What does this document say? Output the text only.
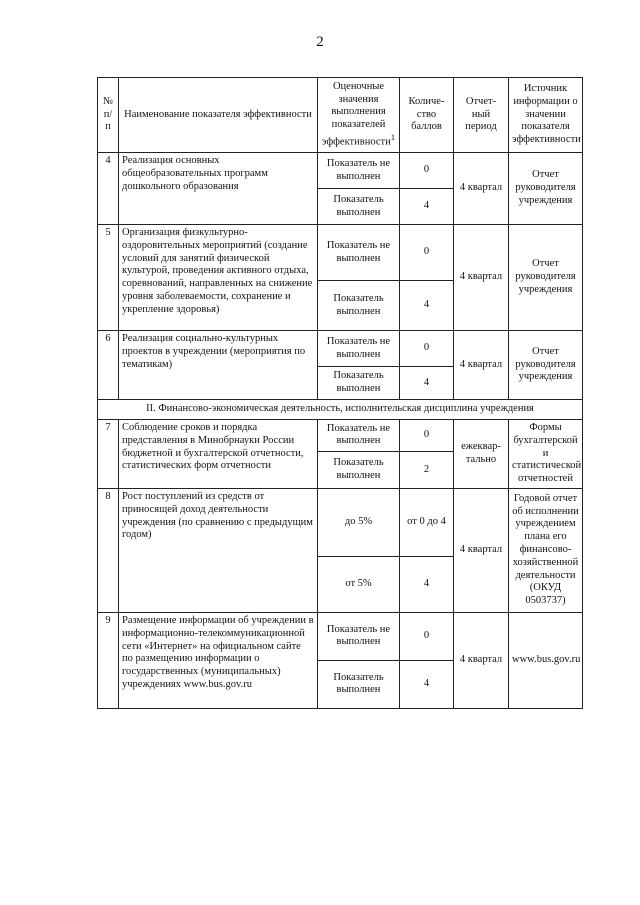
2
№ п/п	Наименование показателя эффективности	Оценочные значения выполнения показателей эффективности$^1$	Количе-ство баллов	Отчет-ный период	Источник информации о значении показателя эффективности
4	Реализация основных общеобразовательных программ дошкольного образования	Показатель не выполнен	0	4 квартал	Отчет руководителя учреждения
		Показатель выполнен	4		
5	Организация физкультурно-оздоровительных мероприятий (создание условий для занятий физической культурой, проведения активного отдыха, соревнований, направленных на снижение уровня заболеваемости, сохранение и укрепление здоровья)	Показатель не выполнен	0	4 квартал	Отчет руководителя учреждения
		Показатель выполнен	4		
6	Реализация социально-культурных проектов в учреждении (мероприятия по тематикам)	Показатель не выполнен	0	4 квартал	Отчет руководителя учреждения
		Показатель выполнен	4		
II. Финансово-экономическая деятельность, исполнительская дисциплина учреждения					
7	Соблюдение сроков и порядка представления в Минобрнауки России бюджетной и бухгалтерской отчетности, статистических форм отчетности	Показатель не выполнен	0	ежеквар-тально	Формы бухгалтерской и статистической отчетностей
		Показатель выполнен	2		
8	Рост поступлений из средств от приносящей доход деятельности учреждения (по сравнению с предыдущим годом)	до 5%	от 0 до 4	4 квартал	Годовой отчет об исполнении учреждением плана его финансово-хозяйственной деятельности (ОКУД 0503737)
		от 5%	4		
9	Размещение информации об учреждении в информационно-телекоммуникационной сети «Интернет» на официальном сайте по размещению информации о государственных (муниципальных) учреждениях www.bus.gov.ru	Показатель не выполнен	0	4 квартал	www.bus.gov.ru
		Показатель выполнен	4		
